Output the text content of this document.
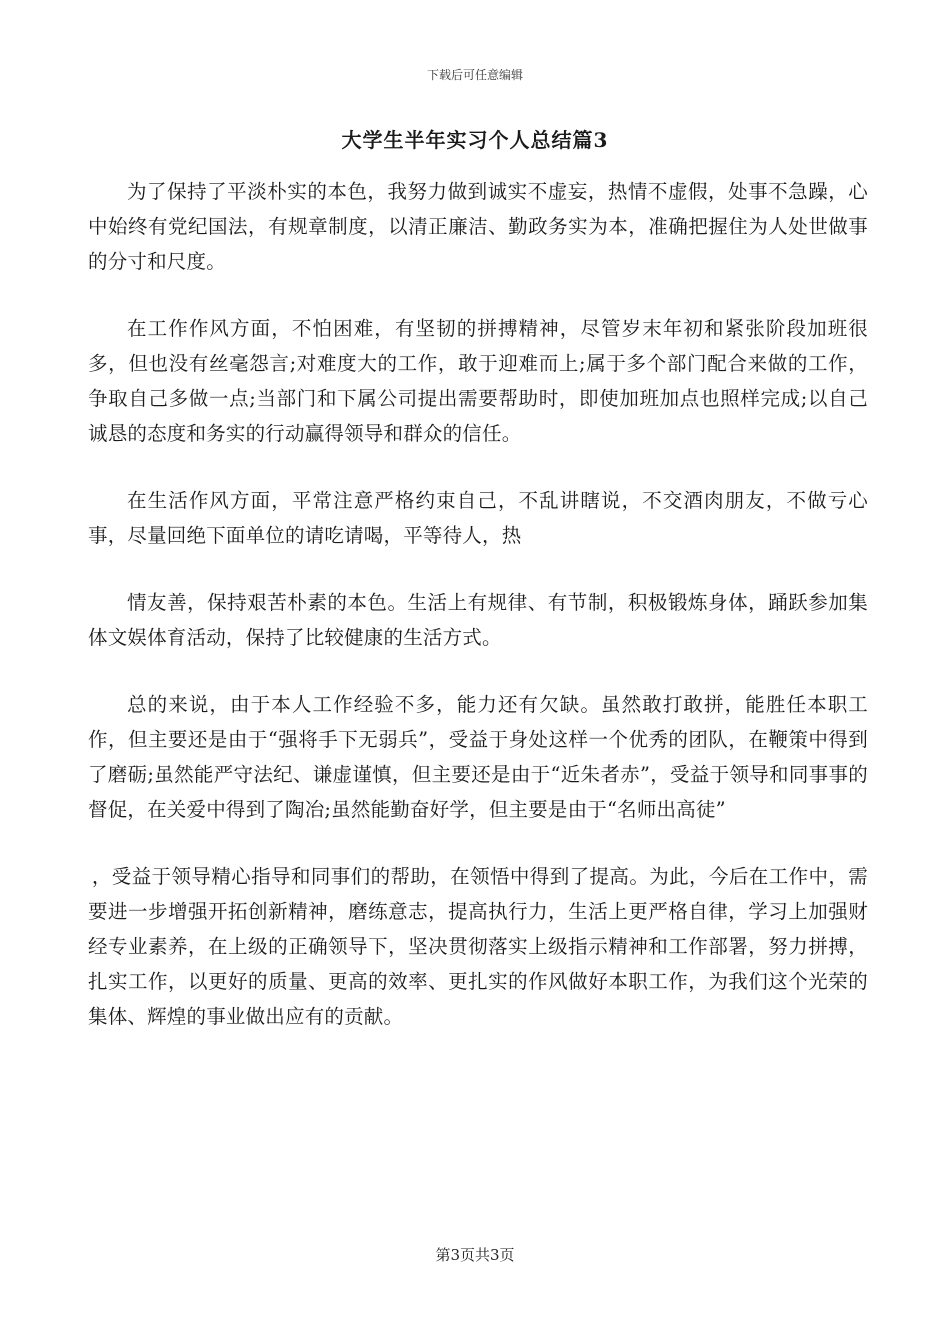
下载后可任意编辑
大学生半年实习个人总结篇3

为了保持了平淡朴实的本色，我努力做到诚实不虚妄，热情不虚假，处事不急躁，心中始终有党纪国法，有规章制度，以清正廉洁、勤政务实为本，准确把握住为人处世做事的分寸和尺度。

在工作作风方面，不怕困难，有坚韧的拼搏精神，尽管岁末年初和紧张阶段加班很多，但也没有丝毫怨言;对难度大的工作，敢于迎难而上;属于多个部门配合来做的工作，争取自己多做一点;当部门和下属公司提出需要帮助时，即使加班加点也照样完成;以自己诚恳的态度和务实的行动赢得领导和群众的信任。

在生活作风方面，平常注意严格约束自己，不乱讲瞎说，不交酒肉朋友，不做亏心事，尽量回绝下面单位的请吃请喝，平等待人，热

情友善，保持艰苦朴素的本色。生活上有规律、有节制，积极锻炼身体，踊跃参加集体文娱体育活动，保持了比较健康的生活方式。

总的来说，由于本人工作经验不多，能力还有欠缺。虽然敢打敢拼，能胜任本职工作，但主要还是由于“强将手下无弱兵”，受益于身处这样一个优秀的团队，在鞭策中得到了磨砺;虽然能严守法纪、谦虚谨慎，但主要还是由于“近朱者赤”，受益于领导和同事事的督促，在关爱中得到了陶冶;虽然能勤奋好学，但主要是由于“名师出高徒”

，受益于领导精心指导和同事们的帮助，在领悟中得到了提高。为此，今后在工作中，需要进一步增强开拓创新精神，磨练意志，提高执行力，生活上更严格自律，学习上加强财经专业素养，在上级的正确领导下，坚决贯彻落实上级指示精神和工作部署，努力拼搏，扎实工作，以更好的质量、更高的效率、更扎实的作风做好本职工作，为我们这个光荣的集体、辉煌的事业做出应有的贡献。

第3页共3页
